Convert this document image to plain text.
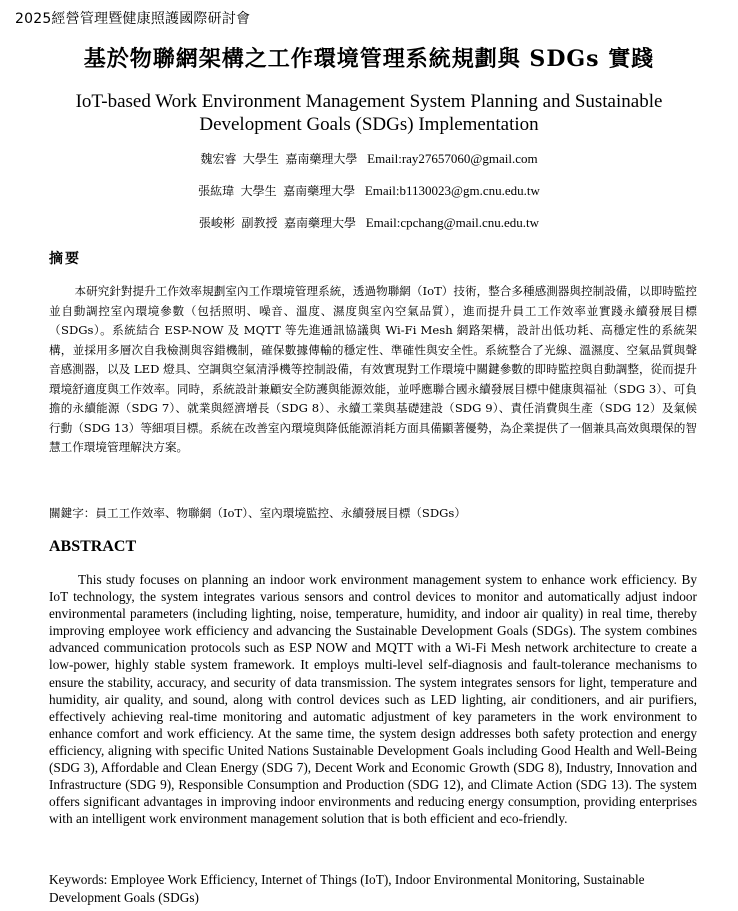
2025經營管理暨健康照護國際研討會
基於物聯網架構之工作環境管理系統規劃與 SDGs 實踐
IoT-based Work Environment Management System Planning and Sustainable Development Goals (SDGs) Implementation
魏宏睿 大學生 嘉南藥理大學 Email:ray27657060@gmail.com
張紘瑋 大學生 嘉南藥理大學 Email:b1130023@gm.cnu.edu.tw
張峻彬 副教授 嘉南藥理大學 Email:cpchang@mail.cnu.edu.tw
摘要

本研究針對提升工作效率規劃室內工作環境管理系統，透過物聯網（IoT）技術，整合多種感測器與控制設備，以即時監控並自動調控室內環境參數（包括照明、噪音、溫度、濕度與室內空氣品質），進而提升員工工作效率並實踐永續發展目標（SDGs）。系統結合 ESP-NOW 及 MQTT 等先進通訊協議與 Wi-Fi Mesh 網路架構，設計出低功耗、高穩定性的系統架構，並採用多層次自我檢測與容錯機制，確保數據傳輸的穩定性、準確性與安全性。系統整合了光線、溫濕度、空氣品質與聲音感測器，以及 LED 燈具、空調與空氣清淨機等控制設備，有效實現對工作環境中關鍵參數的即時監控與自動調整，從而提升環境舒適度與工作效率。同時，系統設計兼顧安全防護與能源效能，並呼應聯合國永續發展目標中健康與福祉（SDG 3）、可負擔的永續能源（SDG 7）、就業與經濟增長（SDG 8）、永續工業與基礎建設（SDG 9）、責任消費與生產（SDG 12）及氣候行動（SDG 13）等細項目標。系統在改善室內環境與降低能源消耗方面具備顯著優勢，為企業提供了一個兼具高效與環保的智慧工作環境管理解決方案。

關鍵字：員工工作效率、物聯網（IoT）、室內環境監控、永續發展目標（SDGs）
ABSTRACT

This study focuses on planning an indoor work environment management system to enhance work efficiency. By IoT technology, the system integrates various sensors and control devices to monitor and automatically adjust indoor environmental parameters (including lighting, noise, temperature, humidity, and indoor air quality) in real time, thereby improving employee work efficiency and advancing the Sustainable Development Goals (SDGs). The system combines advanced communication protocols such as ESP NOW and MQTT with a Wi-Fi Mesh network architecture to create a low-power, highly stable system framework. It employs multi-level self-diagnosis and fault-tolerance mechanisms to ensure the stability, accuracy, and security of data transmission. The system integrates sensors for light, temperature and humidity, air quality, and sound, along with control devices such as LED lighting, air conditioners, and air purifiers, effectively achieving real-time monitoring and automatic adjustment of key parameters in the work environment to enhance comfort and work efficiency. At the same time, the system design addresses both safety protection and energy efficiency, aligning with specific United Nations Sustainable Development Goals including Good Health and Well-Being (SDG 3), Affordable and Clean Energy (SDG 7), Decent Work and Economic Growth (SDG 8), Industry, Innovation and Infrastructure (SDG 9), Responsible Consumption and Production (SDG 12), and Climate Action (SDG 13). The system offers significant advantages in improving indoor environments and reducing energy consumption, providing enterprises with an intelligent work environment management solution that is both efficient and eco-friendly.

Keywords: Employee Work Efficiency, Internet of Things (IoT), Indoor Environmental Monitoring, Sustainable Development Goals (SDGs)
